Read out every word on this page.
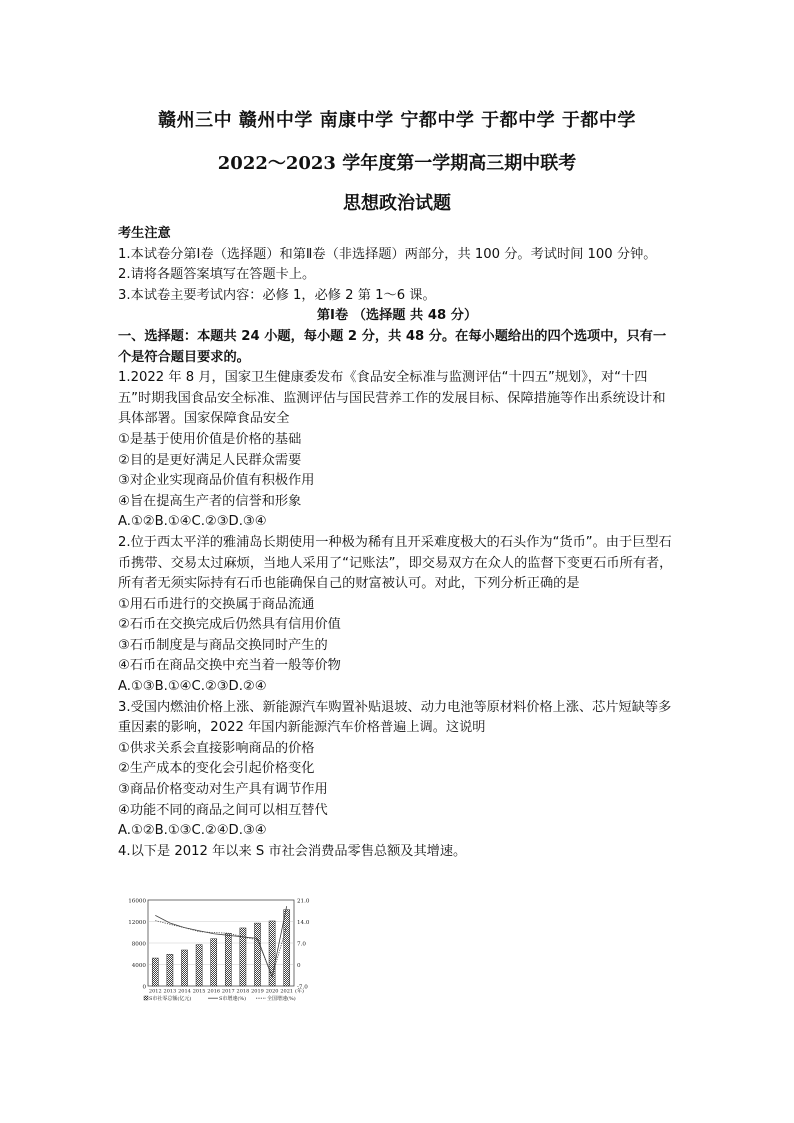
赣州三中 赣州中学 南康中学 宁都中学 于都中学 于都中学
2022～2023 学年度第一学期高三期中联考
思想政治试题

考生注意

1.本试卷分第Ⅰ卷（选择题）和第Ⅱ卷（非选择题）两部分，共 100 分。考试时间 100 分钟。

2.请将各题答案填写在答题卡上。

3.本试卷主要考试内容：必修 1，必修 2 第 1～6 课。

第Ⅰ卷 （选择题 共 48 分）

一、选择题：本题共 24 小题，每小题 2 分，共 48 分。在每小题给出的四个选项中，只有一个是符合题目要求的。

1.2022 年 8 月，国家卫生健康委发布《食品安全标准与监测评估“十四五”规划》，对“十四五”时期我国食品安全标准、监测评估与国民营养工作的发展目标、保障措施等作出系统设计和具体部署。国家保障食品安全

①是基于使用价值是价格的基础

②目的是更好满足人民群众需要

③对企业实现商品价值有积极作用

④旨在提高生产者的信誉和形象

A.①②B.①④C.②③D.③④

2.位于西太平洋的雅浦岛长期使用一种极为稀有且开采难度极大的石头作为“货币”。由于巨型石币携带、交易太过麻烦，当地人采用了“记账法”，即交易双方在众人的监督下变更石币所有者，所有者无须实际持有石币也能确保自己的财富被认可。对此，下列分析正确的是

①用石币进行的交换属于商品流通

②石币在交换完成后仍然具有信用价值

③石币制度是与商品交换同时产生的

④石币在商品交换中充当着一般等价物

A.①③B.①④C.②③D.②④

3.受国内燃油价格上涨、新能源汽车购置补贴退坡、动力电池等原材料价格上涨、芯片短缺等多重因素的影响，2022 年国内新能源汽车价格普遍上调。这说明

①供求关系会直接影响商品的价格

②生产成本的变化会引起价格变化

③商品价格变动对生产具有调节作用

④功能不同的商品之间可以相互替代

A.①②B.①③C.②④D.③④

4.以下是 2012 年以来 S 市社会消费品零售总额及其增速。

0
4000
8000
12000
16000
-7.0
0
7.0
14.0
21.0
2012 2013 2014 2015 2016 2017 2018 2019 2020 2021 (年)
S市社零总额(亿元)	S市增速(%)	全国增速(%)
